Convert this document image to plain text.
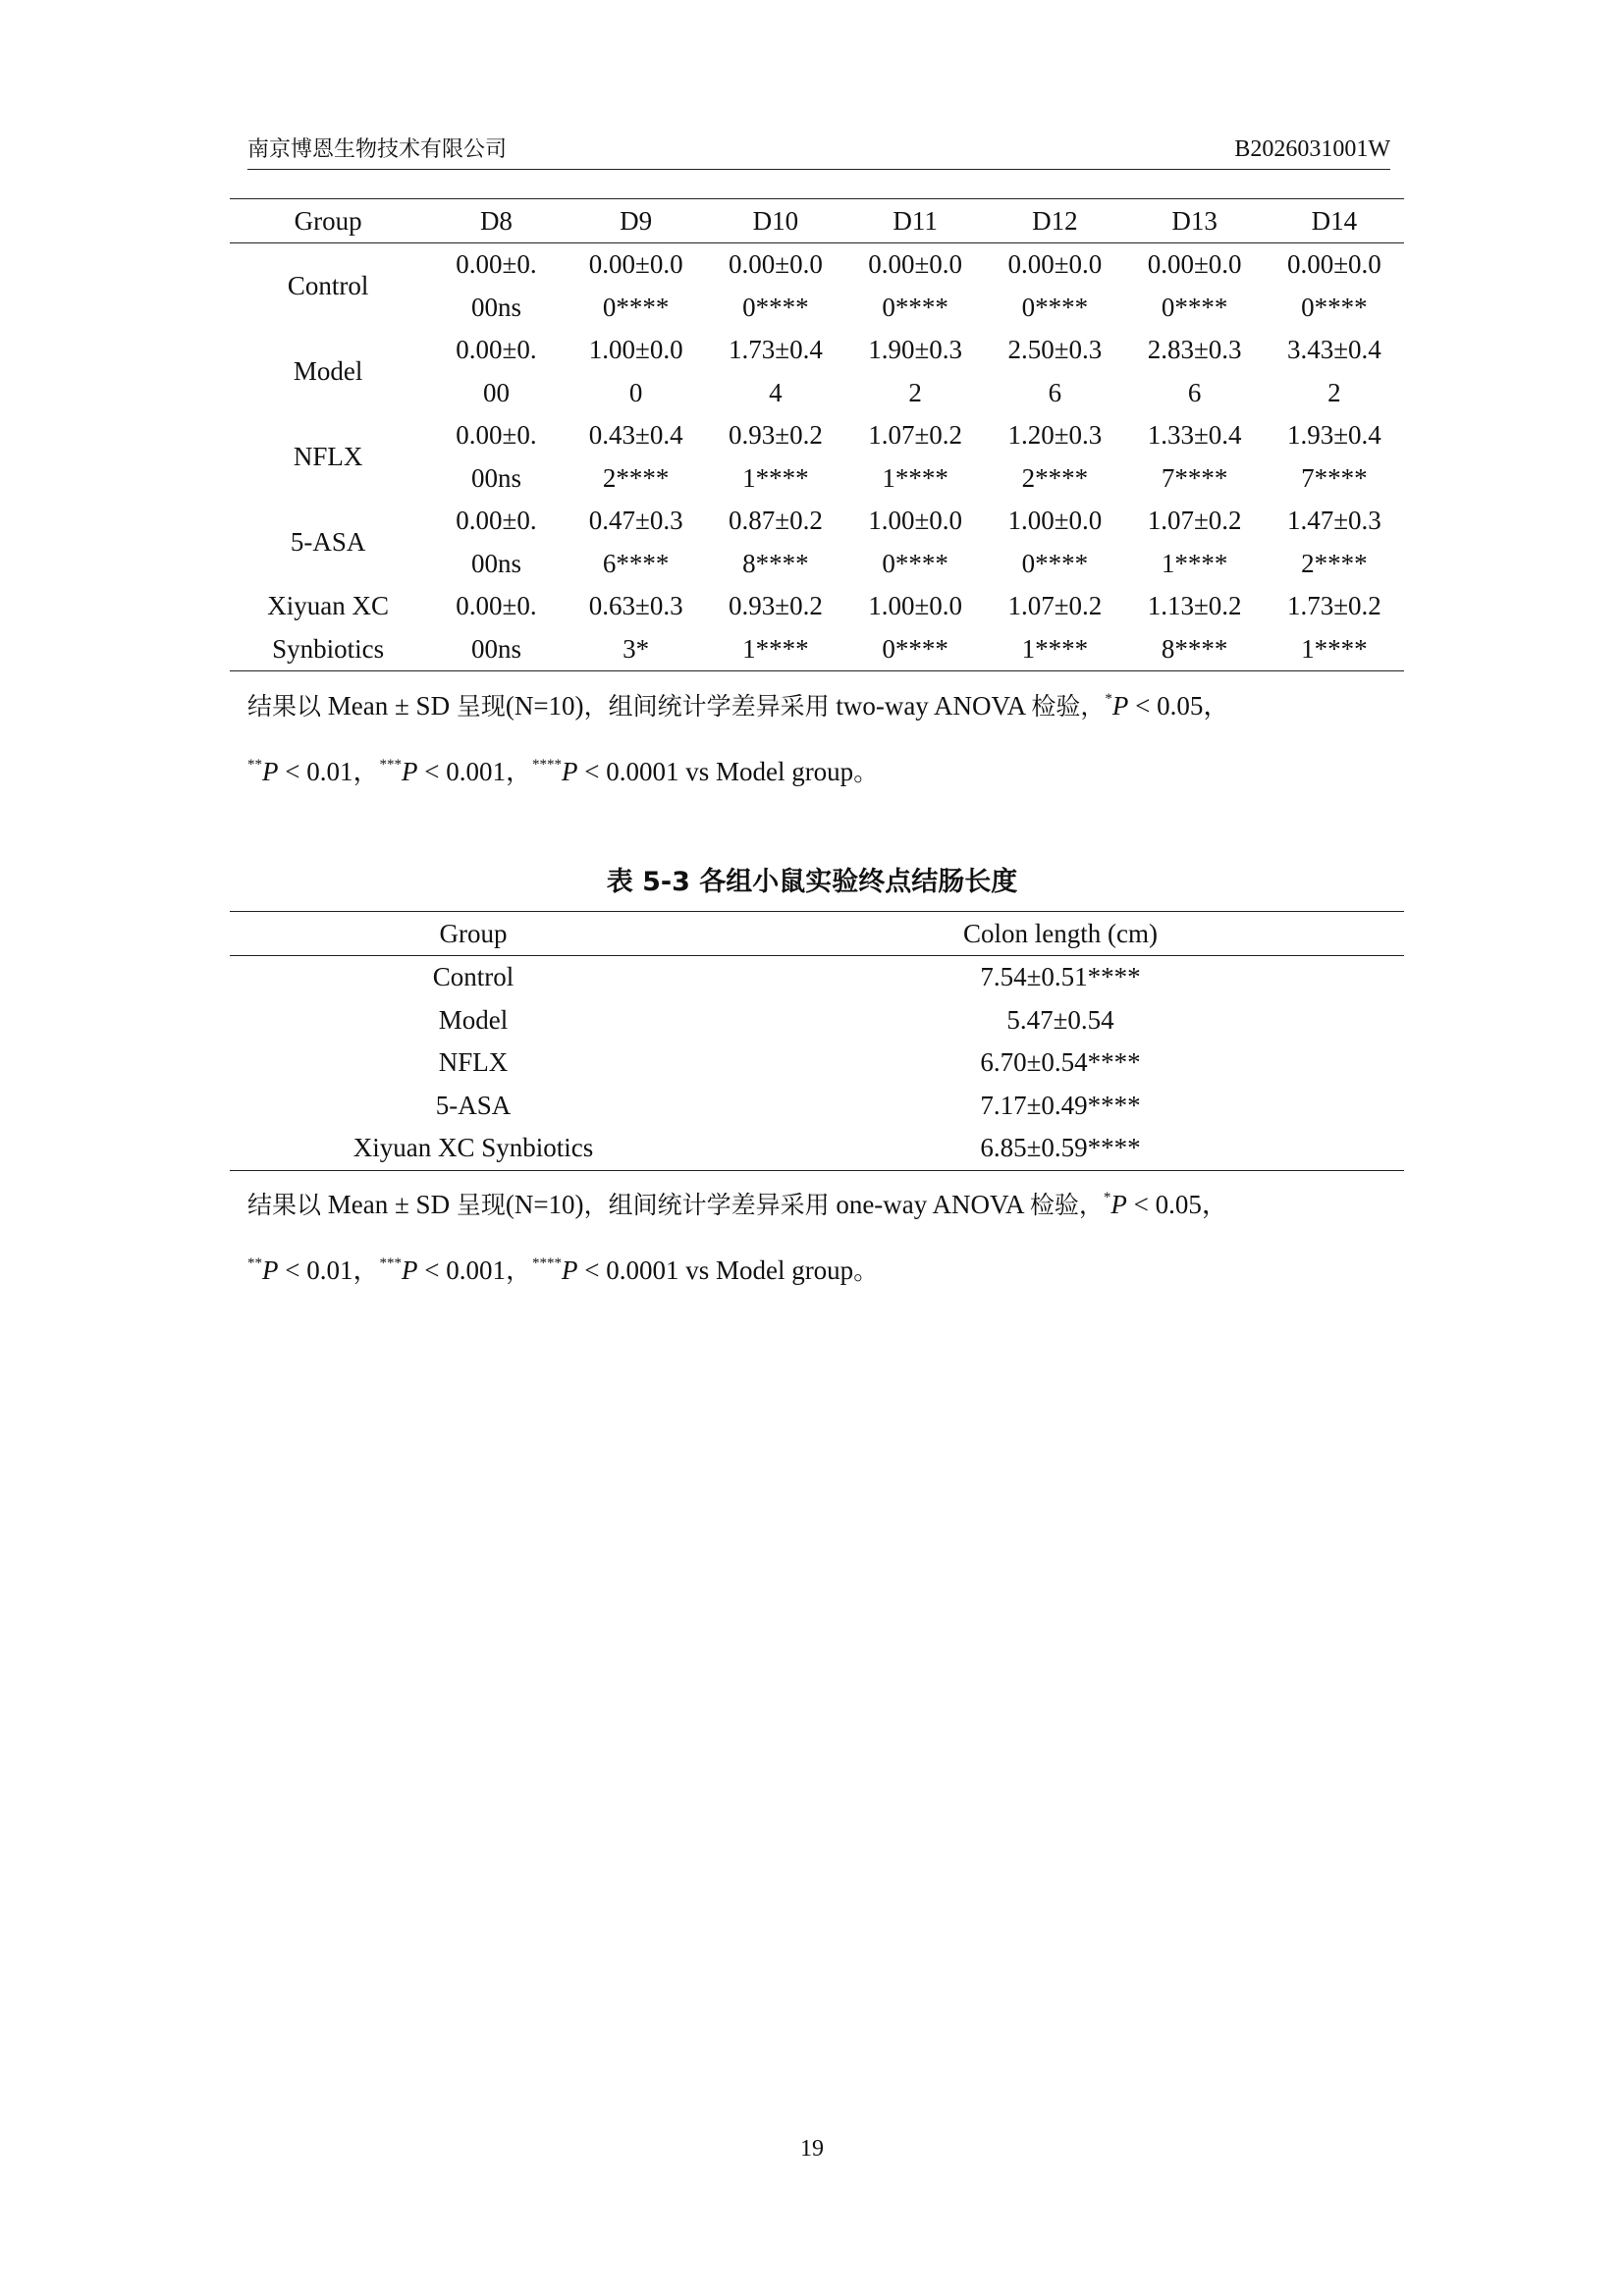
南京博恩生物技术有限公司	B2026031001W
Group	D8	D9	D10	D11	D12	D13	D14
Control	0.00±0.	0.00±0.0	0.00±0.0	0.00±0.0	0.00±0.0	0.00±0.0	0.00±0.0
	00ns	0****	0****	0****	0****	0****	0****
Model	0.00±0.	1.00±0.0	1.73±0.4	1.90±0.3	2.50±0.3	2.83±0.3	3.43±0.4
	00	0	4	2	6	6	2
NFLX	0.00±0.	0.43±0.4	0.93±0.2	1.07±0.2	1.20±0.3	1.33±0.4	1.93±0.4
	00ns	2****	1****	1****	2****	7****	7****
5-ASA	0.00±0.	0.47±0.3	0.87±0.2	1.00±0.0	1.00±0.0	1.07±0.2	1.47±0.3
	00ns	6****	8****	0****	0****	1****	2****
Xiyuan XC	0.00±0.	0.63±0.3	0.93±0.2	1.00±0.0	1.07±0.2	1.13±0.2	1.73±0.2
Synbiotics	00ns	3*	1****	0****	1****	8****	1****
结果以 Mean ± SD 呈现(N=10)，组间统计学差异采用 two-way ANOVA 检验，*P < 0.05，
**P < 0.01，***P < 0.001，****P < 0.0001 vs Model group。
表 5-3 各组小鼠实验终点结肠长度
Group	Colon length (cm)
Control	7.54±0.51****
Model	5.47±0.54
NFLX	6.70±0.54****
5-ASA	7.17±0.49****
Xiyuan XC Synbiotics	6.85±0.59****
结果以 Mean ± SD 呈现(N=10)，组间统计学差异采用 one-way ANOVA 检验，*P < 0.05，
**P < 0.01，***P < 0.001，****P < 0.0001 vs Model group。
19
